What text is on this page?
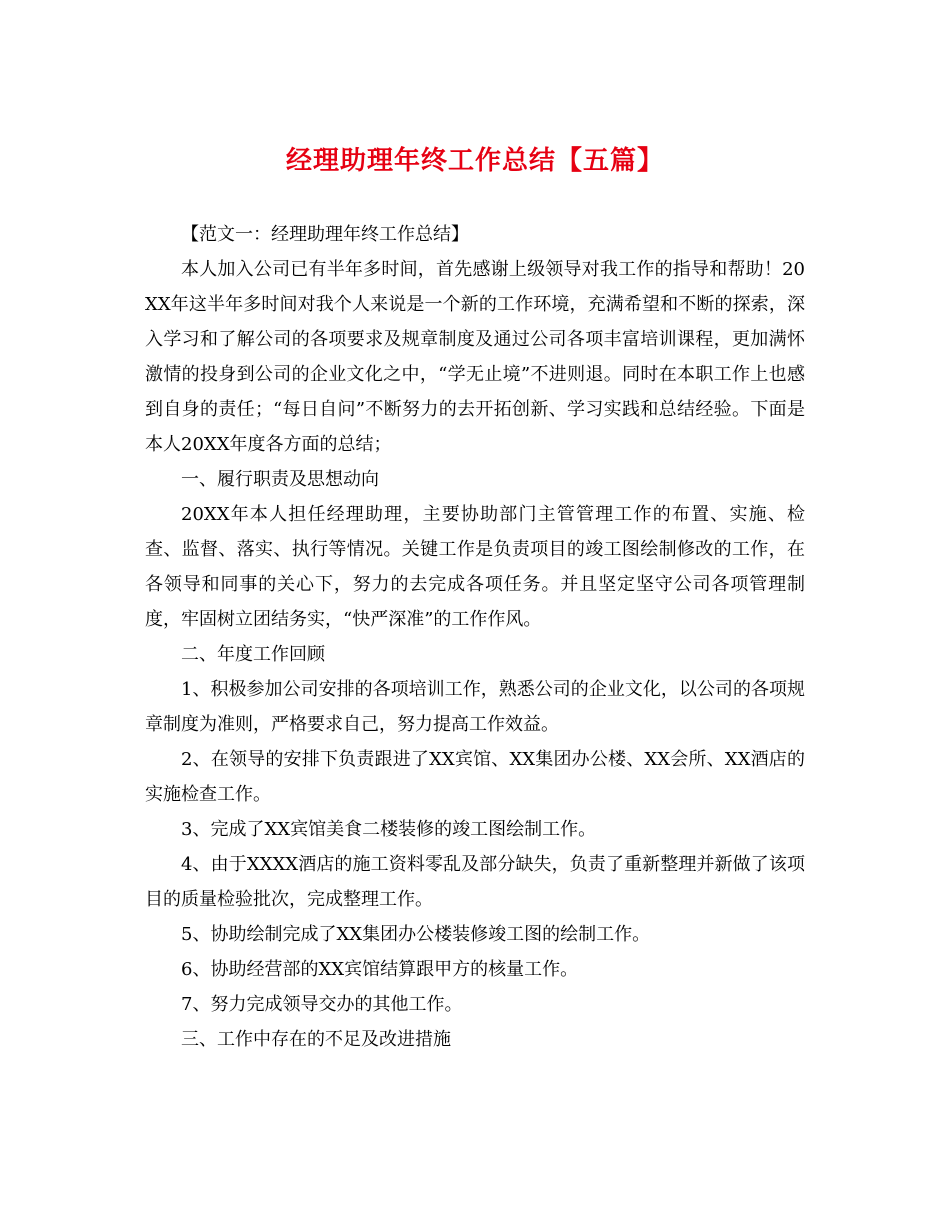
经理助理年终工作总结【五篇】

【范文一：经理助理年终工作总结】

本人加入公司已有半年多时间，首先感谢上级领导对我工作的指导和帮助！20XX年这半年多时间对我个人来说是一个新的工作环境，充满希望和不断的探索，深入学习和了解公司的各项要求及规章制度及通过公司各项丰富培训课程，更加满怀激情的投身到公司的企业文化之中，“学无止境”不进则退。同时在本职工作上也感到自身的责任；“每日自问”不断努力的去开拓创新、学习实践和总结经验。下面是本人20XX年度各方面的总结；

一、履行职责及思想动向

20XX年本人担任经理助理，主要协助部门主管管理工作的布置、实施、检查、监督、落实、执行等情况。关键工作是负责项目的竣工图绘制修改的工作，在各领导和同事的关心下，努力的去完成各项任务。并且坚定坚守公司各项管理制度，牢固树立团结务实，“快严深准”的工作作风。

二、年度工作回顾

1、积极参加公司安排的各项培训工作，熟悉公司的企业文化，以公司的各项规章制度为准则，严格要求自己，努力提高工作效益。

2、在领导的安排下负责跟进了XX宾馆、XX集团办公楼、XX会所、XX酒店的实施检查工作。

3、完成了XX宾馆美食二楼装修的竣工图绘制工作。

4、由于XXXX酒店的施工资料零乱及部分缺失，负责了重新整理并新做了该项目的质量检验批次，完成整理工作。

5、协助绘制完成了XX集团办公楼装修竣工图的绘制工作。

6、协助经营部的XX宾馆结算跟甲方的核量工作。

7、努力完成领导交办的其他工作。

三、工作中存在的不足及改进措施
